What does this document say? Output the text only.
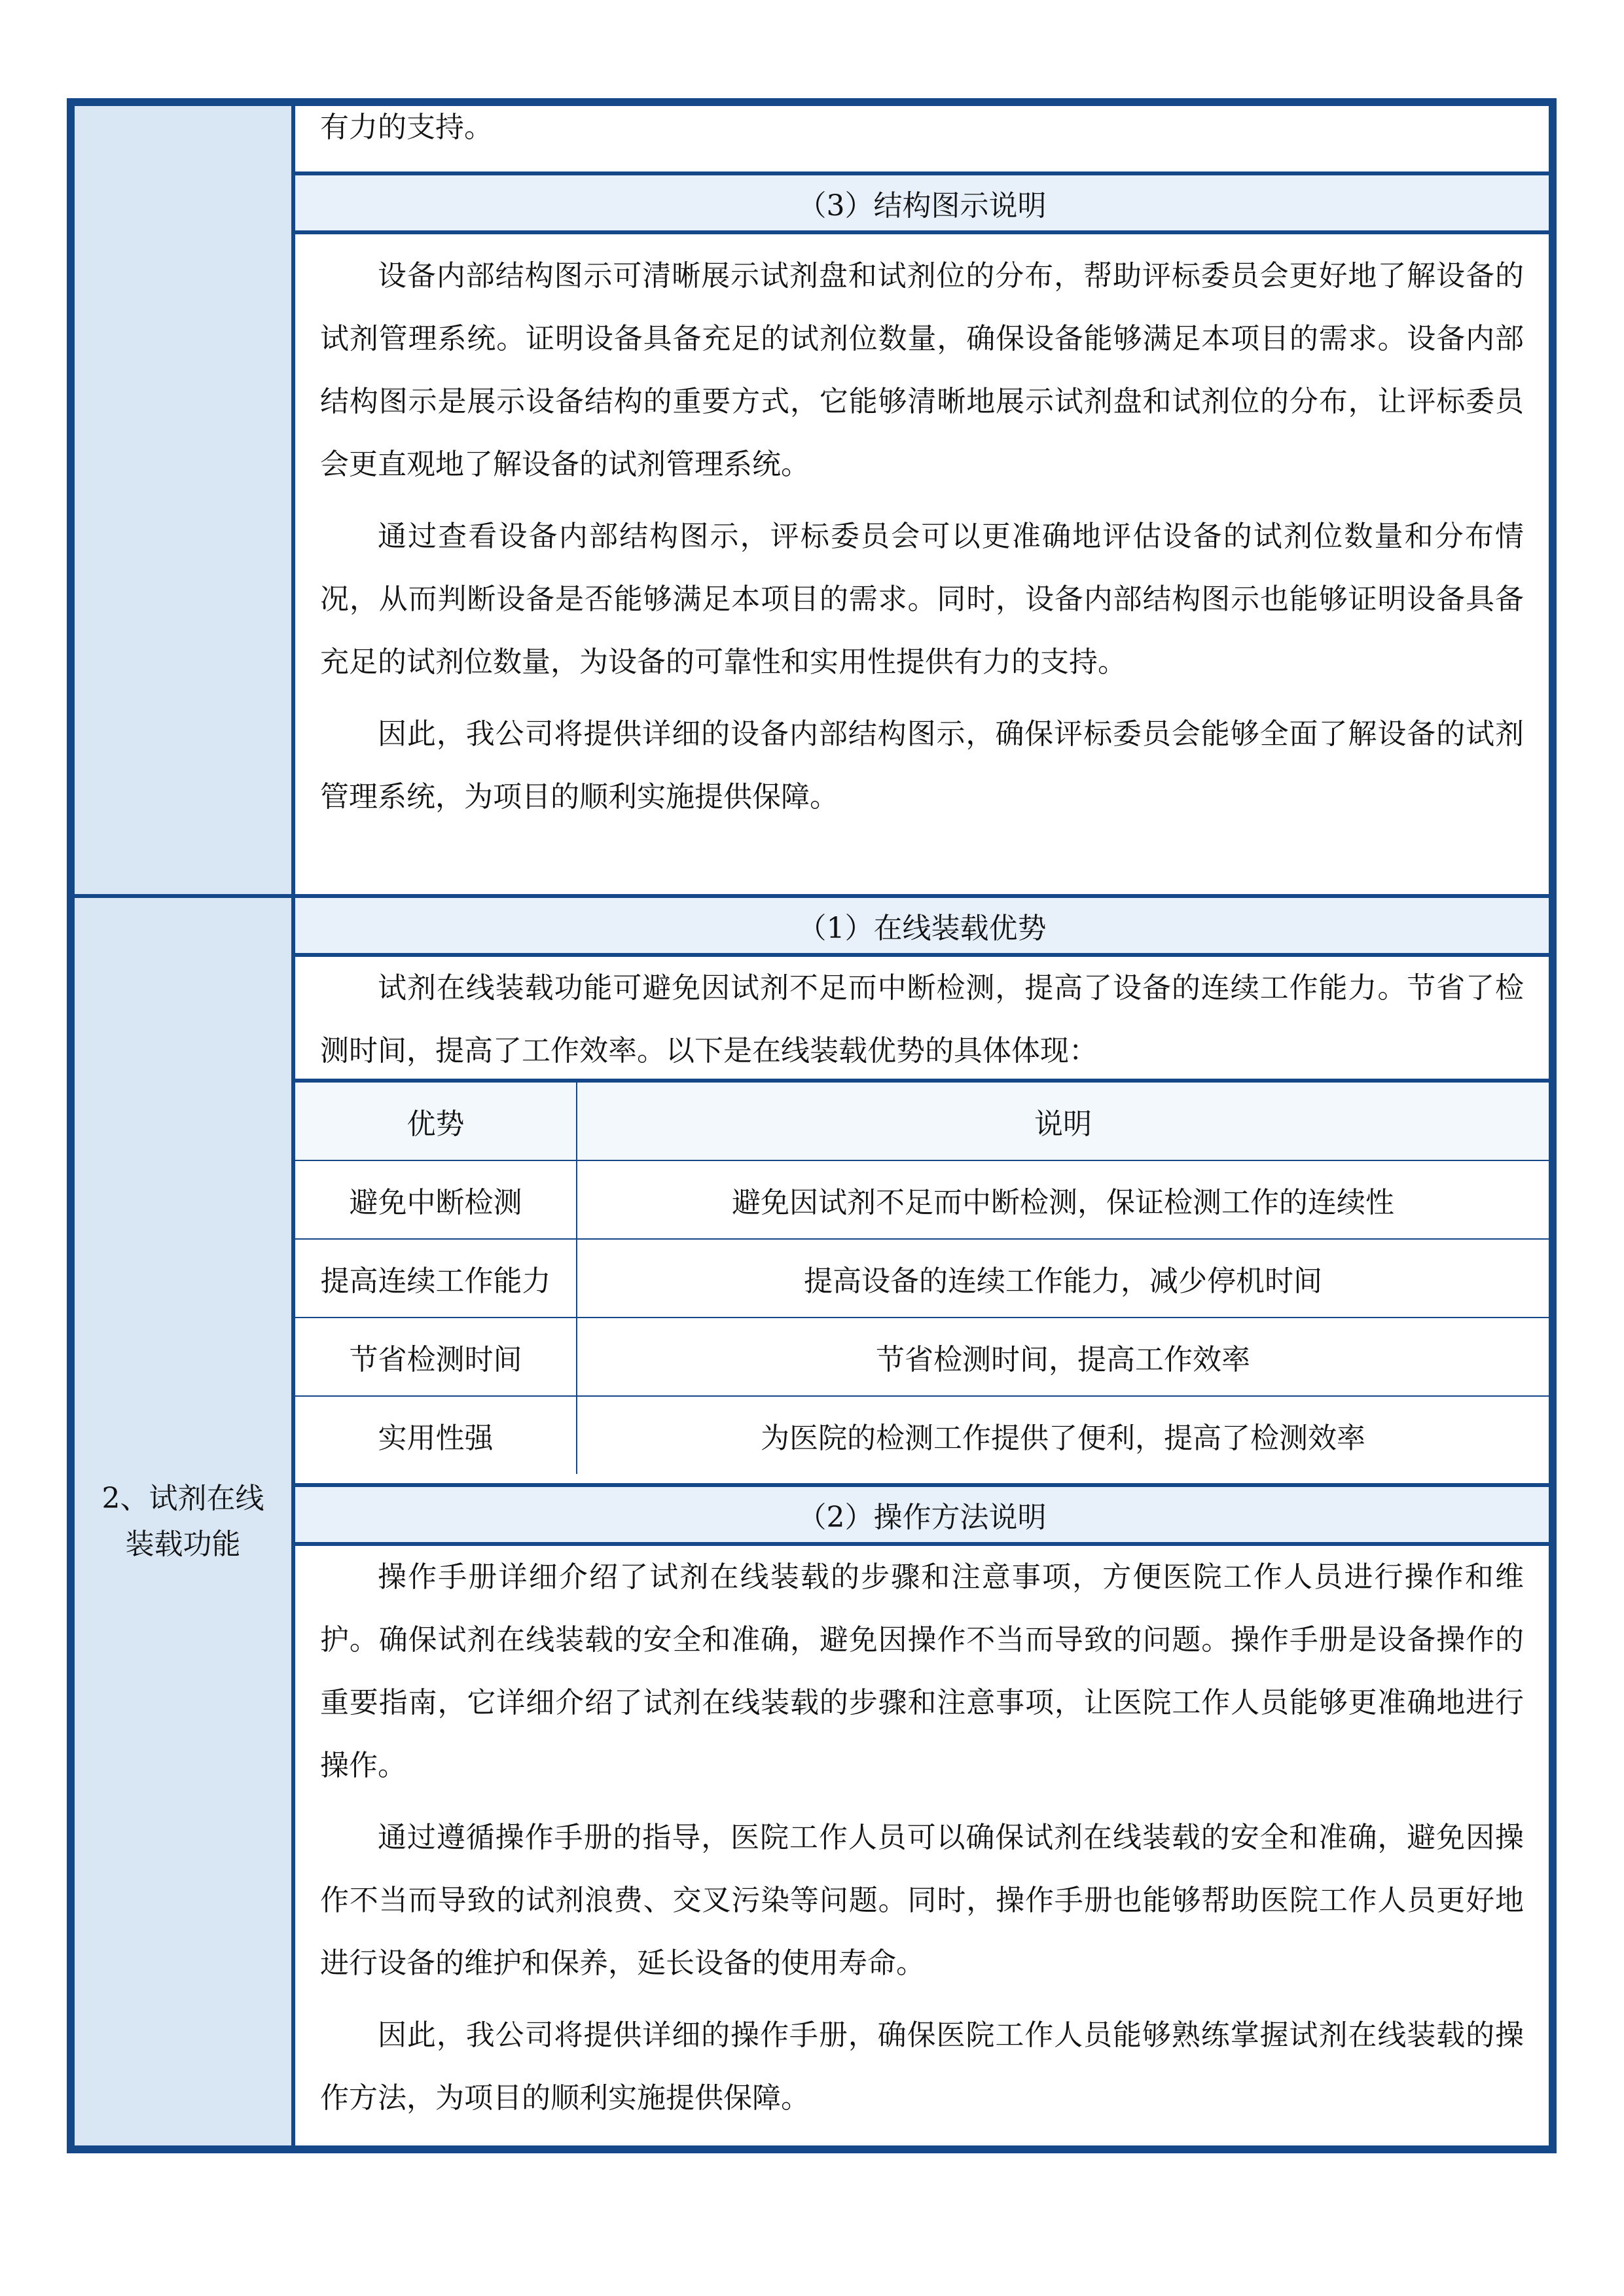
有力的支持。

（3）结构图示说明

设备内部结构图示可清晰展示试剂盘和试剂位的分布，帮助评标委员会更好地了解设备的试剂管理系统。证明设备具备充足的试剂位数量，确保设备能够满足本项目的需求。设备内部结构图示是展示设备结构的重要方式，它能够清晰地展示试剂盘和试剂位的分布，让评标委员会更直观地了解设备的试剂管理系统。

通过查看设备内部结构图示，评标委员会可以更准确地评估设备的试剂位数量和分布情况，从而判断设备是否能够满足本项目的需求。同时，设备内部结构图示也能够证明设备具备充足的试剂位数量，为设备的可靠性和实用性提供有力的支持。

因此，我公司将提供详细的设备内部结构图示，确保评标委员会能够全面了解设备的试剂管理系统，为项目的顺利实施提供保障。

2、试剂在线装载功能
（1）在线装载优势

试剂在线装载功能可避免因试剂不足而中断检测，提高了设备的连续工作能力。节省了检测时间，提高了工作效率。以下是在线装载优势的具体体现：

优势	说明
避免中断检测	避免因试剂不足而中断检测，保证检测工作的连续性
提高连续工作能力	提高设备的连续工作能力，减少停机时间
节省检测时间	节省检测时间，提高工作效率
实用性强	为医院的检测工作提供了便利，提高了检测效率
（2）操作方法说明

操作手册详细介绍了试剂在线装载的步骤和注意事项，方便医院工作人员进行操作和维护。确保试剂在线装载的安全和准确，避免因操作不当而导致的问题。操作手册是设备操作的重要指南，它详细介绍了试剂在线装载的步骤和注意事项，让医院工作人员能够更准确地进行操作。

通过遵循操作手册的指导，医院工作人员可以确保试剂在线装载的安全和准确，避免因操作不当而导致的试剂浪费、交叉污染等问题。同时，操作手册也能够帮助医院工作人员更好地进行设备的维护和保养，延长设备的使用寿命。

因此，我公司将提供详细的操作手册，确保医院工作人员能够熟练掌握试剂在线装载的操作方法，为项目的顺利实施提供保障。
